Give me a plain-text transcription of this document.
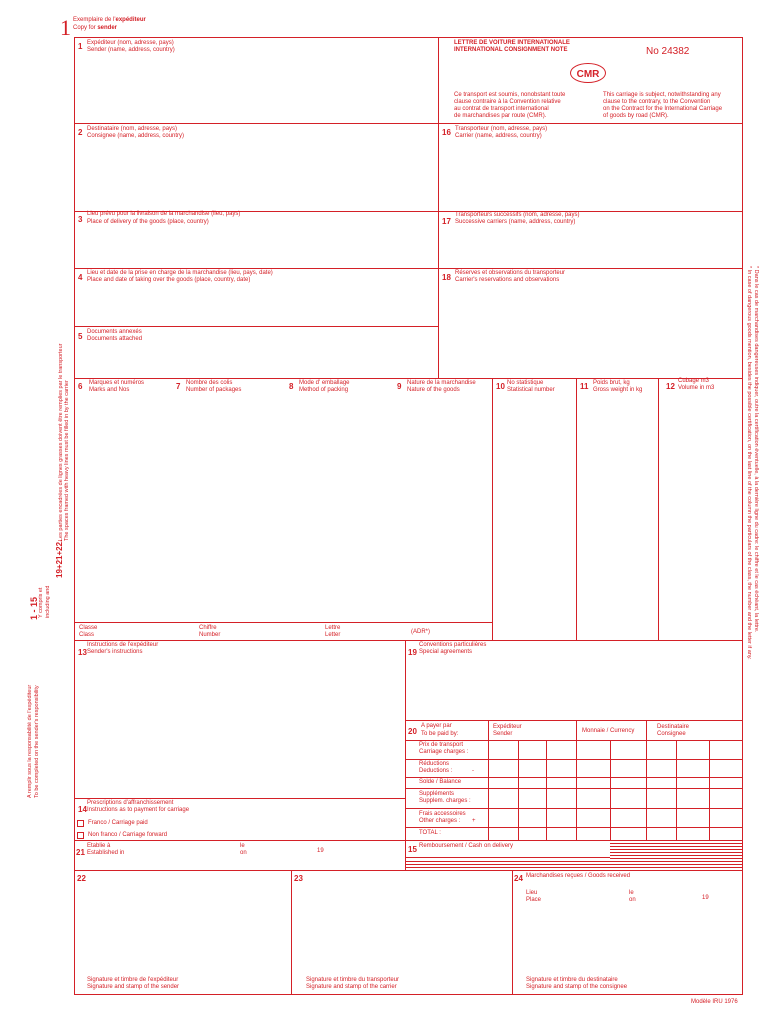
1 Exemplaire de l'expéditeur
Copy for sender
1 Expéditeur (nom, adresse, pays)
Sender (name, address, country)
LETTRE DE VOITURE INTERNATIONALE
INTERNATIONAL CONSIGNMENT NOTE	No 24382
CMR
Ce transport est soumis, nonobstant toute
clause contraire à la Convention relative
au contrat de transport international
de marchandises par route (CMR).
This carriage is subject, notwithstanding any
clause to the contrary, to the Convention
on the Contract for the International Carriage
of goods by road (CMR).
2 Destinataire (nom, adresse, pays)
Consignee (name, address, country)	16 Transporteur (nom, adresse, pays)
Carrier (name, address, country)
3
Lieu prévu pour la livraison de la marchandise (lieu, pays)
Place of delivery of the goods (place, country)	17
Transporteurs successifs (nom, adresse, pays)
Successive carriers (name, address, country)
4 Lieu et date de la prise en charge de la marchandise (lieu, pays, date)
Place and date of taking over the goods (place, country, date)	18 Réserves et observations du transporteur
Carrier's reservations and observations
5 Documents annexés
Documents attached
6 Marques et numéros
Marks and Nos	7 Nombre des colis
Number of packages	8 Mode d' emballage
Method of packing	9 Nature de la marchandise
Nature of the goods	10 No statistique
Statistical number	11 Poids brut, kg
Gross weight in kg	12
Cubage m3
Volume in m3
Classe
Class
Chiffre
Number
Lettre
Letter	(ADR*)
13
Instructions de l'expéditeur
Sender's instructions	19
Conventions particulières
Special agreements
20
A payer par
To be paid by:
Expéditeur
Sender	Monnaie / Currency
Destinataire
Consignee
Prix de transport
Carriage charges :
Réductions
Deductions :	-
Solde / Balance
Suppléments
Supplem. charges :
Frais accessoires
Other charges : +
TOTAL :
14
Prescriptions d'affranchissement
Instructions as to payment for carriage
Franco / Carriage paid
Non franco / Carriage forward
21
Etablie à
Established in
le
on	19	15 Remboursement / Cash on delivery
22
Signature et timbre de l'expéditeur
Signature and stamp of the sender
23
Signature et timbre du transporteur
Signature and stamp of the carrier
24 Marchandises reçues / Goods received
Lieu
Place
le
on	19
Signature et timbre du destinataire
Signature and stamp of the consignee
Modèle IRU 1976
A remplir sous la responsabilité de l'expéditeur To be completed on the sender's responsibility
1 - 15 Y compris et including and
19+21+22.
Les parties encadrées de lignes grasses doivent être remplies par le transporteur The spaces framed with heavy lines must be filled in by the carrier	* Dans le cas de marchandises dangereuses indiquer, outre la certification éventuelle, à la dernière ligne du cadre: le chiffre et le cas échéant, la lettre.
* In case of dangerous goods mention, besides the possible certification, on the last line of the column the particulars of the class, the number and the letter if any.
